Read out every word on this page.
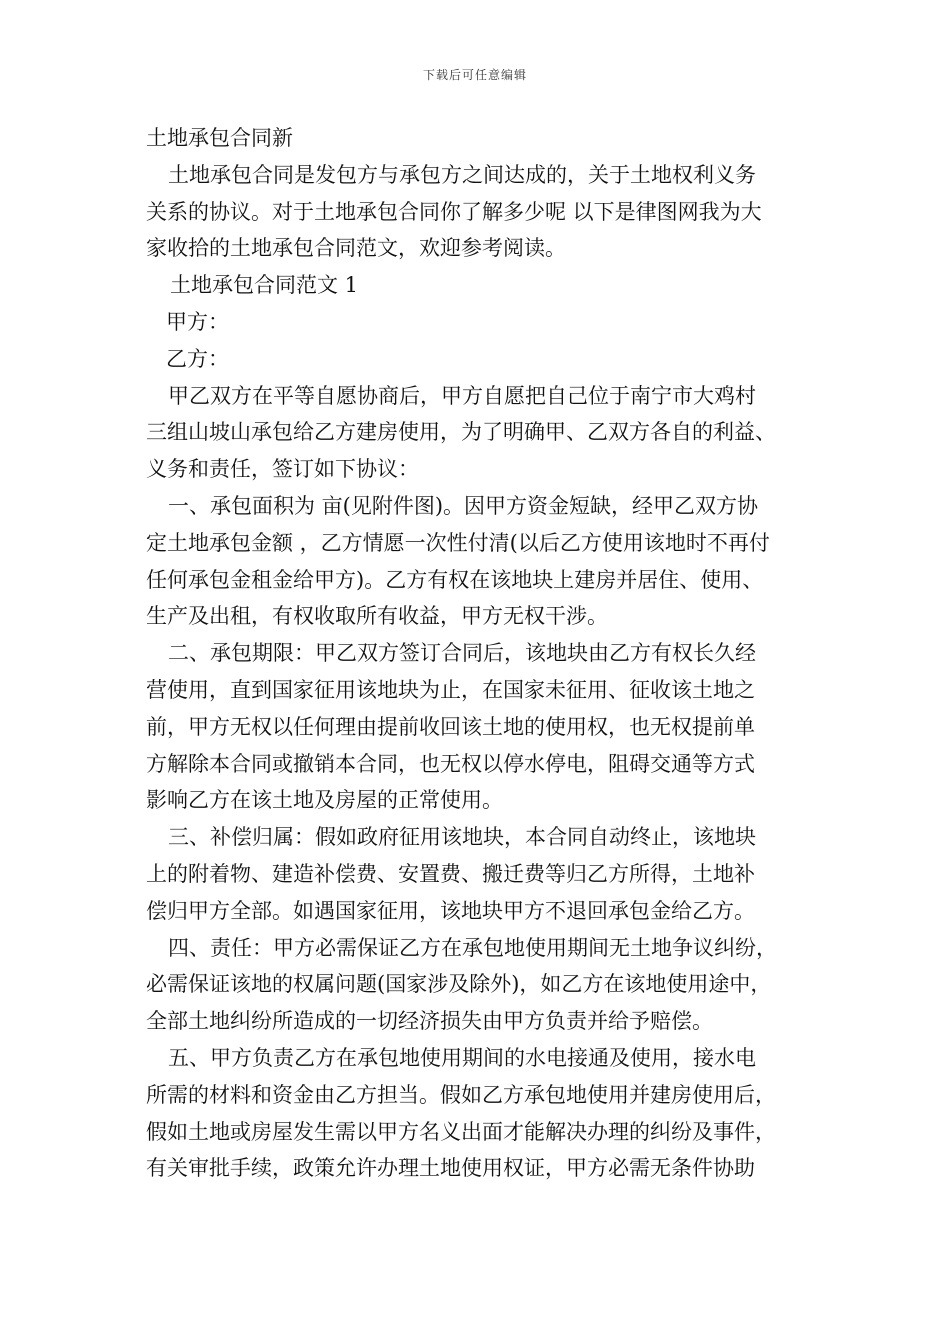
下载后可任意编辑
土地承包合同新
土地承包合同是发包方与承包方之间达成的，关于土地权利义务
关系的协议。对于土地承包合同你了解多少呢 以下是律图网我为大
家收拾的土地承包合同范文，欢迎参考阅读。
土地承包合同范文 1
甲方：
乙方：
甲乙双方在平等自愿协商后，甲方自愿把自己位于南宁市大鸡村
三组山坡山承包给乙方建房使用，为了明确甲、乙双方各自的利益、
义务和责任，签订如下协议：
一、承包面积为 亩(见附件图)。因甲方资金短缺，经甲乙双方协
定土地承包金额 ，乙方情愿一次性付清(以后乙方使用该地时不再付
任何承包金租金给甲方)。乙方有权在该地块上建房并居住、使用、
生产及出租，有权收取所有收益，甲方无权干涉。
二、承包期限：甲乙双方签订合同后，该地块由乙方有权长久经
营使用，直到国家征用该地块为止，在国家未征用、征收该土地之
前，甲方无权以任何理由提前收回该土地的使用权，也无权提前单
方解除本合同或撤销本合同，也无权以停水停电，阻碍交通等方式
影响乙方在该土地及房屋的正常使用。
三、补偿归属：假如政府征用该地块，本合同自动终止，该地块
上的附着物、建造补偿费、安置费、搬迁费等归乙方所得，土地补
偿归甲方全部。如遇国家征用，该地块甲方不退回承包金给乙方。
四、责任：甲方必需保证乙方在承包地使用期间无土地争议纠纷，
必需保证该地的权属问题(国家涉及除外)，如乙方在该地使用途中，
全部土地纠纷所造成的一切经济损失由甲方负责并给予赔偿。
五、甲方负责乙方在承包地使用期间的水电接通及使用，接水电
所需的材料和资金由乙方担当。假如乙方承包地使用并建房使用后，
假如土地或房屋发生需以甲方名义出面才能解决办理的纠纷及事件，
有关审批手续，政策允许办理土地使用权证，甲方必需无条件协助
